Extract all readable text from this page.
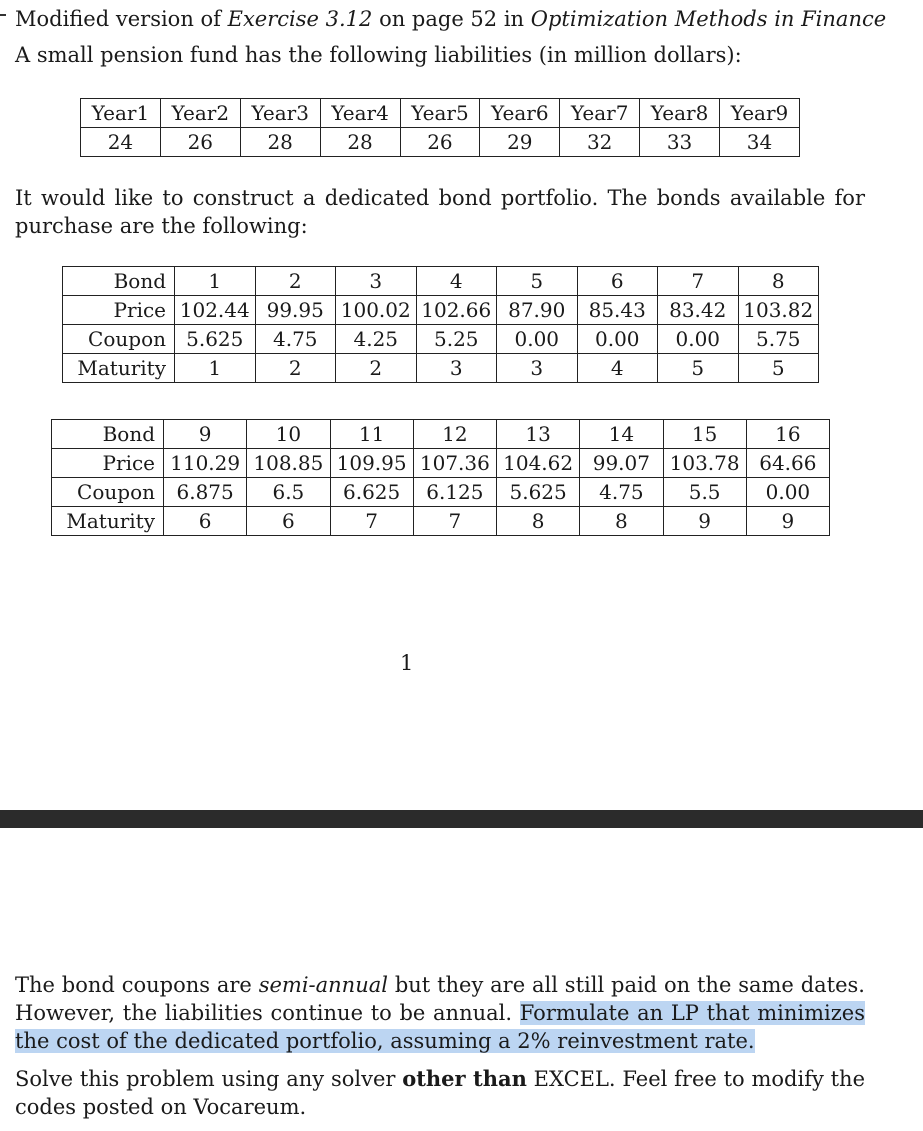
Modified version of Exercise 3.12 on page 52 in Optimization Methods in Finance

A small pension fund has the following liabilities (in million dollars):

Year1	Year2	Year3	Year4	Year5	Year6	Year7	Year8	Year9
24	26	28	28	26	29	32	33	34

It would like to construct a dedicated bond portfolio. The bonds available for purchase are the following:

Bond	1	2	3	4	5	6	7	8
Price	102.44	99.95	100.02	102.66	87.90	85.43	83.42	103.82
Coupon	5.625	4.75	4.25	5.25	0.00	0.00	0.00	5.75
Maturity	1	2	2	3	3	4	5	5
Bond	9	10	11	12	13	14	15	16
Price	110.29	108.85	109.95	107.36	104.62	99.07	103.78	64.66
Coupon	6.875	6.5	6.625	6.125	5.625	4.75	5.5	0.00
Maturity	6	6	7	7	8	8	9	9
1

The bond coupons are semi-annual but they are all still paid on the same dates. However, the liabilities continue to be annual. Formulate an LP that minimizes the cost of the dedicated portfolio, assuming a 2% reinvestment rate.

Solve this problem using any solver other than EXCEL. Feel free to modify the codes posted on Vocareum.
